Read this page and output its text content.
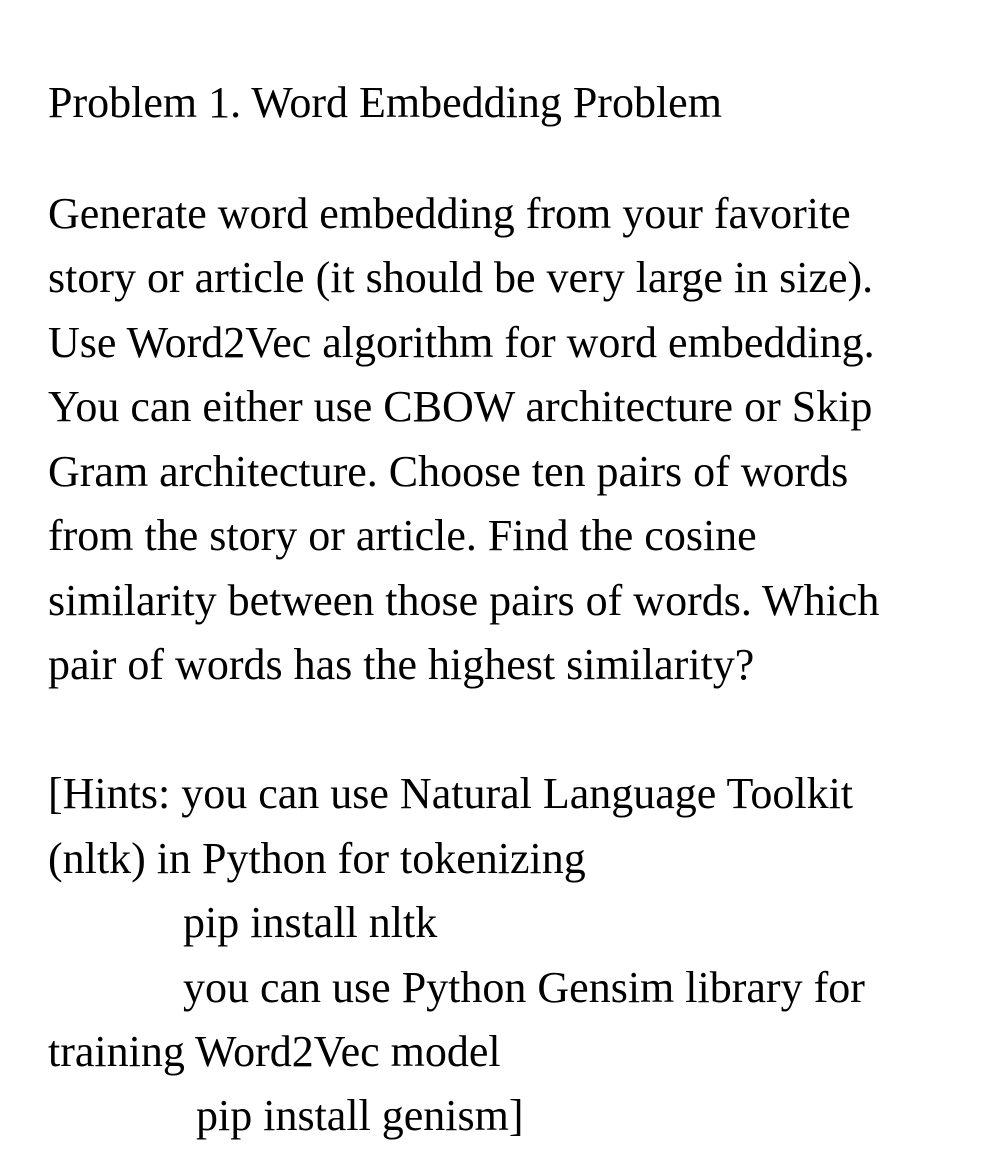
Problem 1. Word Embedding Problem

Generate word embedding from your favorite

story or article (it should be very large in size).

Use Word2Vec algorithm for word embedding.

You can either use CBOW architecture or Skip

Gram architecture. Choose ten pairs of words

from the story or article. Find the cosine

similarity between those pairs of words. Which

pair of words has the highest similarity?

[Hints: you can use Natural Language Toolkit

(nltk) in Python for tokenizing

pip install nltk

you can use Python Gensim library for

training Word2Vec model

pip install genism]
